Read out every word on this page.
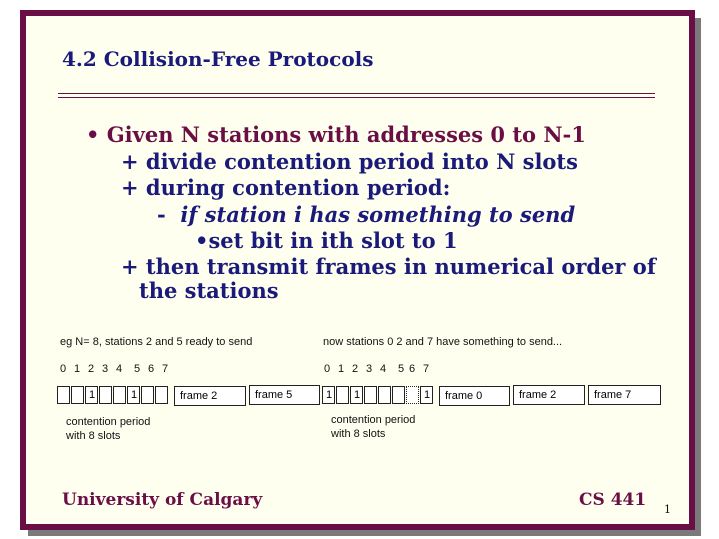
4.2 Collision-Free Protocols
• Given N stations with addresses 0 to N-1
+ divide contention period into N slots
+ during contention period:
- if station i has something to send
•set bit in ith slot to 1
+ then transmit frames in numerical order of
the stations
eg N= 8, stations 2 and 5 ready to send
0 1 2 3 4 5 6 7
1	1	frame 2	frame 5
contention period
with 8 slots
now stations 0 2 and 7 have something to send...
0 1 2 3 4 5 6 7
1 1	1	frame 0	frame 2	frame 7
contention period
with 8 slots
University of Calgary	CS 441 1
